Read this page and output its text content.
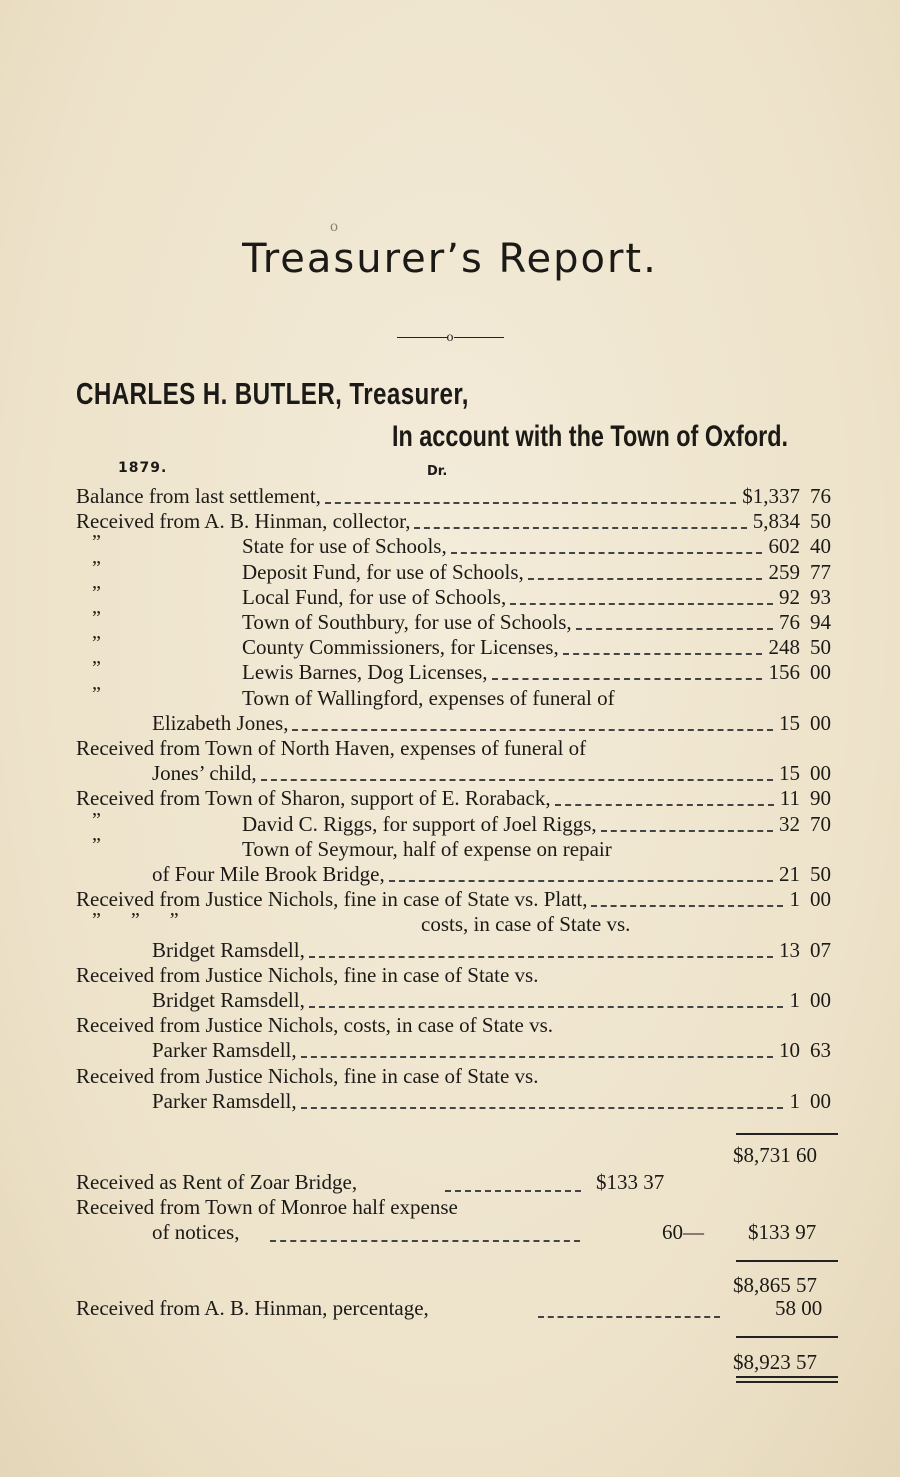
o
Treasurer’s Report.
o
CHARLES H. BUTLER, Treasurer,
In account with the Town of Oxford.
1879.	Dr.
Balance from last settlement,	$1,337 76
Received from A. B. Hinman, collector,	5,834 50
”	State for use of Schools,	602 40
”	Deposit Fund, for use of Schools,	259 77
”	Local Fund, for use of Schools,	92 93
”	Town of Southbury, for use of Schools,	76 94
”	County Commissioners, for Licenses,	248 50
”	Lewis Barnes, Dog Licenses,	156 00
”	Town of Wallingford, expenses of funeral of
Elizabeth Jones,	15 00
Received from Town of North Haven, expenses of funeral of
Jones’ child,	15 00
Received from Town of Sharon, support of E. Roraback,	11 90
”	David C. Riggs, for support of Joel Riggs,	32 70
”	Town of Seymour, half of expense on repair
of Four Mile Brook Bridge,	21 50
Received from Justice Nichols, fine in case of State vs. Platt,	1 00
”      ”      ”	costs, in case of State vs.
Bridget Ramsdell,	13 07
Received from Justice Nichols, fine in case of State vs.
Bridget Ramsdell,	1 00
Received from Justice Nichols, costs, in case of State vs.
Parker Ramsdell,	10 63
Received from Justice Nichols, fine in case of State vs.
Parker Ramsdell,	1 00
$8,731 60
Received as Rent of Zoar Bridge,	$133 37
Received from Town of Monroe half expense
of notices,	60— $133 97
$8,865 57
Received from A. B. Hinman, percentage,	58 00
$8,923 57
